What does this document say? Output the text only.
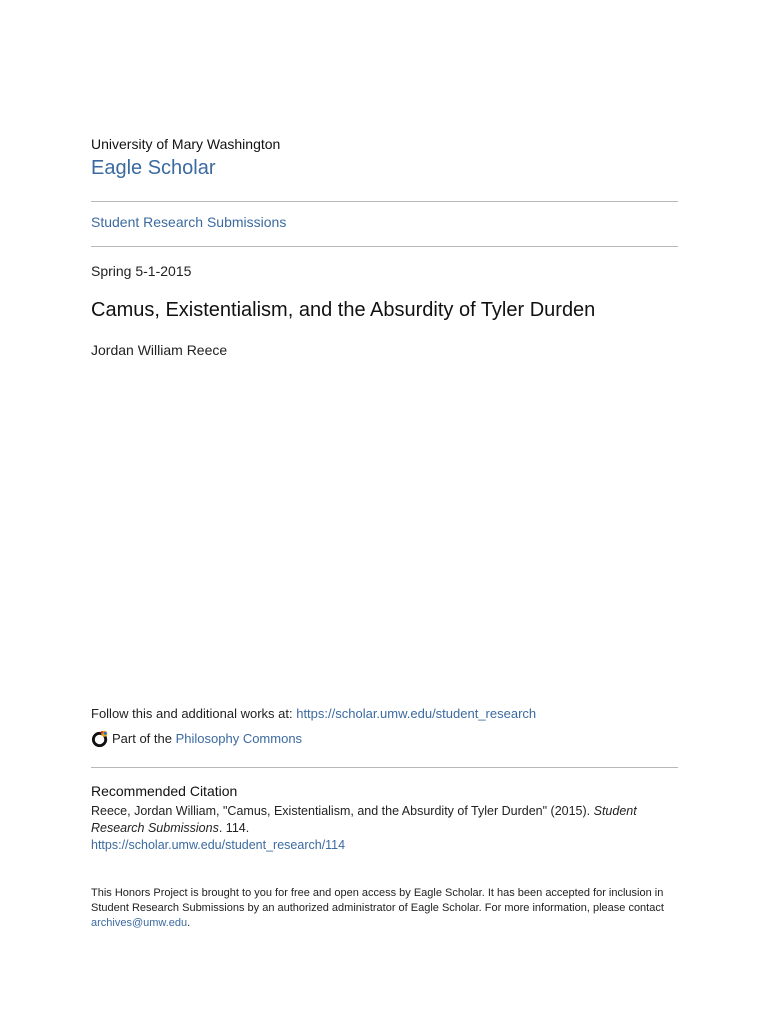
University of Mary Washington
Eagle Scholar
Student Research Submissions
Spring 5-1-2015
Camus, Existentialism, and the Absurdity of Tyler Durden
Jordan William Reece
Follow this and additional works at: https://scholar.umw.edu/student_research
Part of the
Philosophy Commons
Recommended Citation
Reece, Jordan William, "Camus, Existentialism, and the Absurdity of Tyler Durden" (2015). Student Research Submissions. 114.
https://scholar.umw.edu/student_research/114
This Honors Project is brought to you for free and open access by Eagle Scholar. It has been accepted for inclusion in Student Research Submissions by an authorized administrator of Eagle Scholar. For more information, please contact archives@umw.edu.
